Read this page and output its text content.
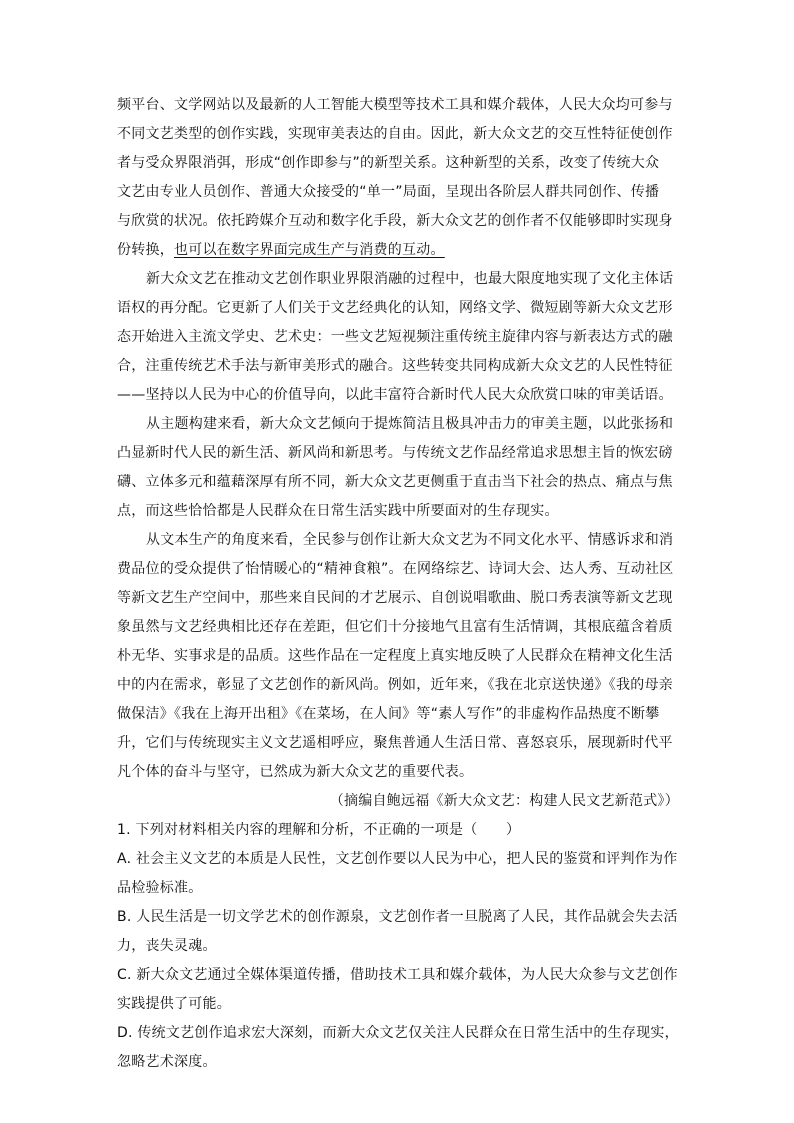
频平台、文学网站以及最新的人工智能大模型等技术工具和媒介载体，人民大众均可参与
不同文艺类型的创作实践，实现审美表达的自由。因此，新大众文艺的交互性特征使创作
者与受众界限消弭，形成“创作即参与”的新型关系。这种新型的关系，改变了传统大众
文艺由专业人员创作、普通大众接受的“单一”局面，呈现出各阶层人群共同创作、传播
与欣赏的状况。依托跨媒介互动和数字化手段，新大众文艺的创作者不仅能够即时实现身
份转换，也可以在数字界面完成生产与消费的互动。
新大众文艺在推动文艺创作职业界限消融的过程中，也最大限度地实现了文化主体话
语权的再分配。它更新了人们关于文艺经典化的认知，网络文学、微短剧等新大众文艺形
态开始进入主流文学史、艺术史：一些文艺短视频注重传统主旋律内容与新表达方式的融
合，注重传统艺术手法与新审美形式的融合。这些转变共同构成新大众文艺的人民性特征
——坚持以人民为中心的价值导向，以此丰富符合新时代人民大众欣赏口味的审美话语。
从主题构建来看，新大众文艺倾向于提炼简洁且极具冲击力的审美主题，以此张扬和
凸显新时代人民的新生活、新风尚和新思考。与传统文艺作品经常追求思想主旨的恢宏磅
礴、立体多元和蕴藉深厚有所不同，新大众文艺更侧重于直击当下社会的热点、痛点与焦
点，而这些恰恰都是人民群众在日常生活实践中所要面对的生存现实。
从文本生产的角度来看，全民参与创作让新大众文艺为不同文化水平、情感诉求和消
费品位的受众提供了怡情暖心的“精神食粮”。在网络综艺、诗词大会、达人秀、互动社区
等新文艺生产空间中，那些来自民间的才艺展示、自创说唱歌曲、脱口秀表演等新文艺现
象虽然与文艺经典相比还存在差距，但它们十分接地气且富有生活情调，其根底蕴含着质
朴无华、实事求是的品质。这些作品在一定程度上真实地反映了人民群众在精神文化生活
中的内在需求，彰显了文艺创作的新风尚。例如，近年来，《我在北京送快递》《我的母亲
做保洁》《我在上海开出租》《在菜场，在人间》等“素人写作”的非虚构作品热度不断攀
升，它们与传统现实主义文艺遥相呼应，聚焦普通人生活日常、喜怒哀乐，展现新时代平
凡个体的奋斗与坚守，已然成为新大众文艺的重要代表。
（摘编自鲍远福《新大众文艺：构建人民文艺新范式》）
1. 下列对材料相关内容的理解和分析，不正确的一项是（　　）
A. 社会主义文艺的本质是人民性，文艺创作要以人民为中心，把人民的鉴赏和评判作为作
品检验标准。
B. 人民生活是一切文学艺术的创作源泉，文艺创作者一旦脱离了人民，其作品就会失去活
力，丧失灵魂。
C. 新大众文艺通过全媒体渠道传播，借助技术工具和媒介载体，为人民大众参与文艺创作
实践提供了可能。
D. 传统文艺创作追求宏大深刻，而新大众文艺仅关注人民群众在日常生活中的生存现实，
忽略艺术深度。
